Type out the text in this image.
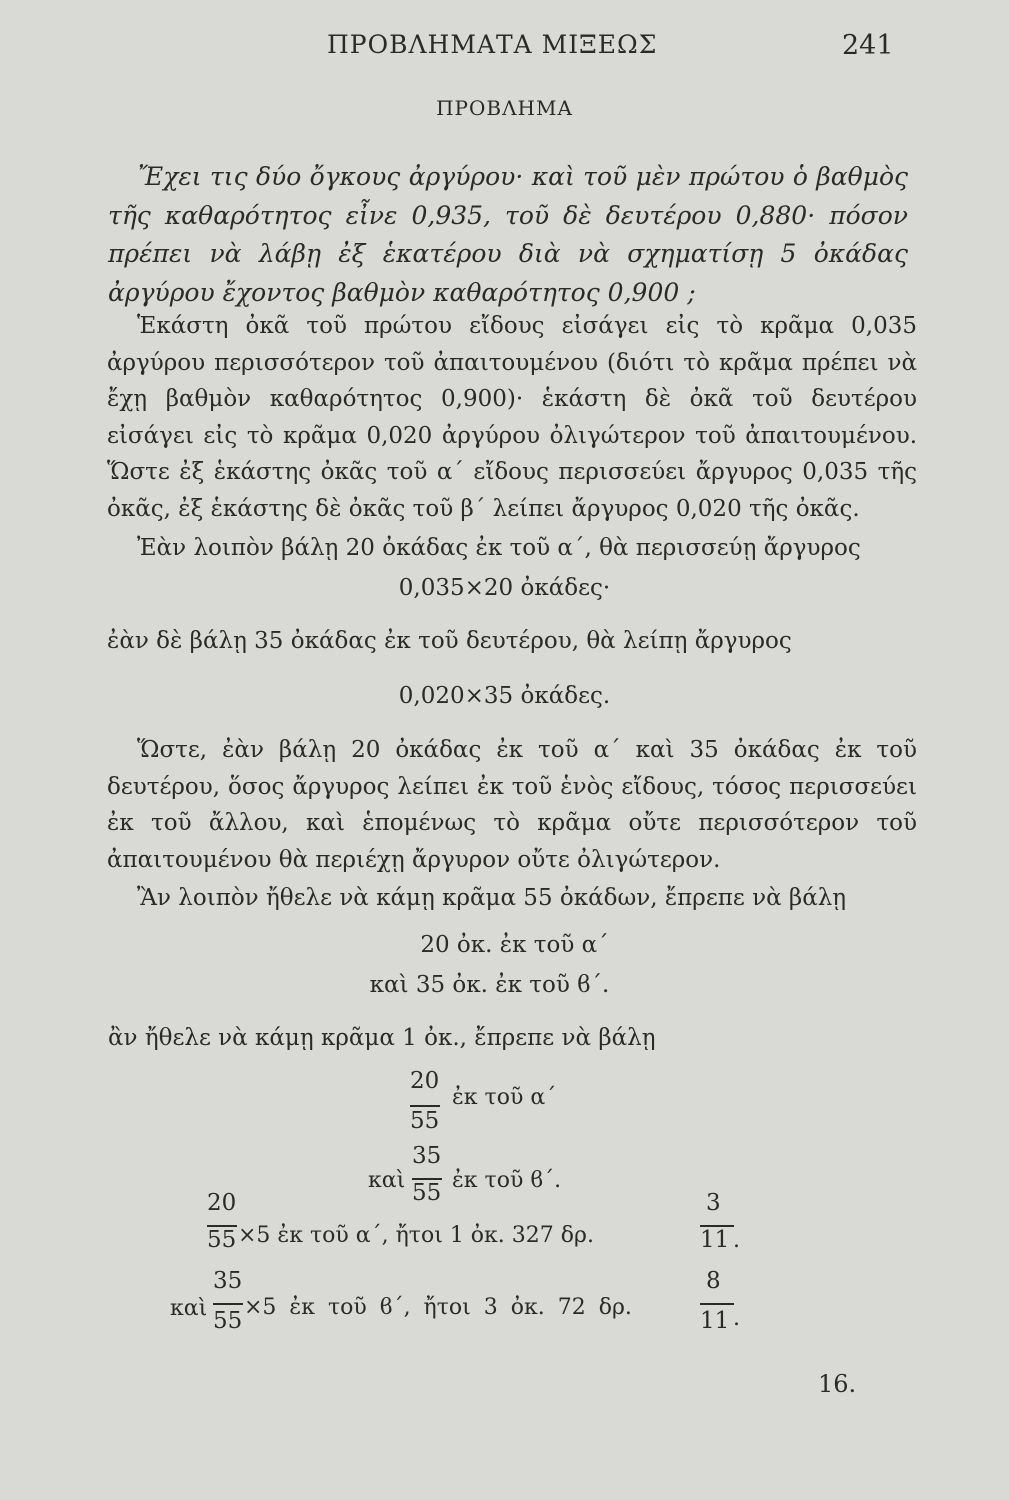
ΠΡΟΒΛΗΜΑΤΑ ΜΙΞΕΩΣ	241
ΠΡΟΒΛΗΜΑ
Ἔχει τις δύο ὄγκους ἀργύρου· καὶ τοῦ μὲν πρώτου ὁ βαθμὸς τῆς καθαρότητος εἶνε 0,935, τοῦ δὲ δευτέρου 0,880· πόσον πρέπει νὰ λάβῃ ἐξ ἑκατέρου διὰ νὰ σχηματίσῃ 5 ὀκάδας ἀργύρου ἔχοντος βαθμὸν καθαρότητος 0,900 ;
Ἑκάστη ὀκᾶ τοῦ πρώτου εἴδους εἰσάγει εἰς τὸ κρᾶμα 0,035 ἀργύρου περισσότερον τοῦ ἀπαιτουμένου (διότι τὸ κρᾶμα πρέπει νὰ ἔχῃ βαθμὸν καθαρότητος 0,900)· ἑκάστη δὲ ὀκᾶ τοῦ δευτέρου εἰσάγει εἰς τὸ κρᾶμα 0,020 ἀργύρου ὀλιγώτερον τοῦ ἀπαιτουμένου. Ὥστε ἐξ ἑκάστης ὀκᾶς τοῦ α΄ εἴδους περισσεύει ἄργυρος 0,035 τῆς ὀκᾶς, ἐξ ἑκάστης δὲ ὀκᾶς τοῦ β΄ λείπει ἄργυρος 0,020 τῆς ὀκᾶς.
Ἐὰν λοιπὸν βάλῃ 20 ὀκάδας ἐκ τοῦ α΄, θὰ περισσεύῃ ἄργυρος
0,035×20 ὀκάδες·
ἐὰν δὲ βάλῃ 35 ὀκάδας ἐκ τοῦ δευτέρου, θὰ λείπῃ ἄργυρος
0,020×35 ὀκάδες.
Ὥστε, ἐὰν βάλῃ 20 ὀκάδας ἐκ τοῦ α΄ καὶ 35 ὀκάδας ἐκ τοῦ δευτέρου, ὅσος ἄργυρος λείπει ἐκ τοῦ ἑνὸς εἴδους, τόσος περισσεύει ἐκ τοῦ ἄλλου, καὶ ἑπομένως τὸ κρᾶμα οὔτε περισσότερον τοῦ ἀπαιτουμένου θὰ περιέχῃ ἄργυρον οὔτε ὀλιγώτερον.
Ἂν λοιπὸν ἤθελε νὰ κάμῃ κρᾶμα 55 ὀκάδων, ἔπρεπε νὰ βάλῃ
20 ὀκ. ἐκ τοῦ α΄
καὶ 35 ὀκ. ἐκ τοῦ ϐ΄.
ἂν ἤθελε νὰ κάμῃ κρᾶμα 1 ὀκ., ἔπρεπε νὰ βάλῃ
20
55
ἐκ τοῦ α΄
καὶ
35
55 ἐκ τοῦ ϐ΄.
20
55 ×5 ἐκ τοῦ α΄, ἤτοι 1 ὀκ. 327 δρ.
3
11 .
καὶ
35
55
×5 ἐκ τοῦ ϐ΄, ἤτοι 3 ὀκ. 72 δρ.
8
11 .
16.
